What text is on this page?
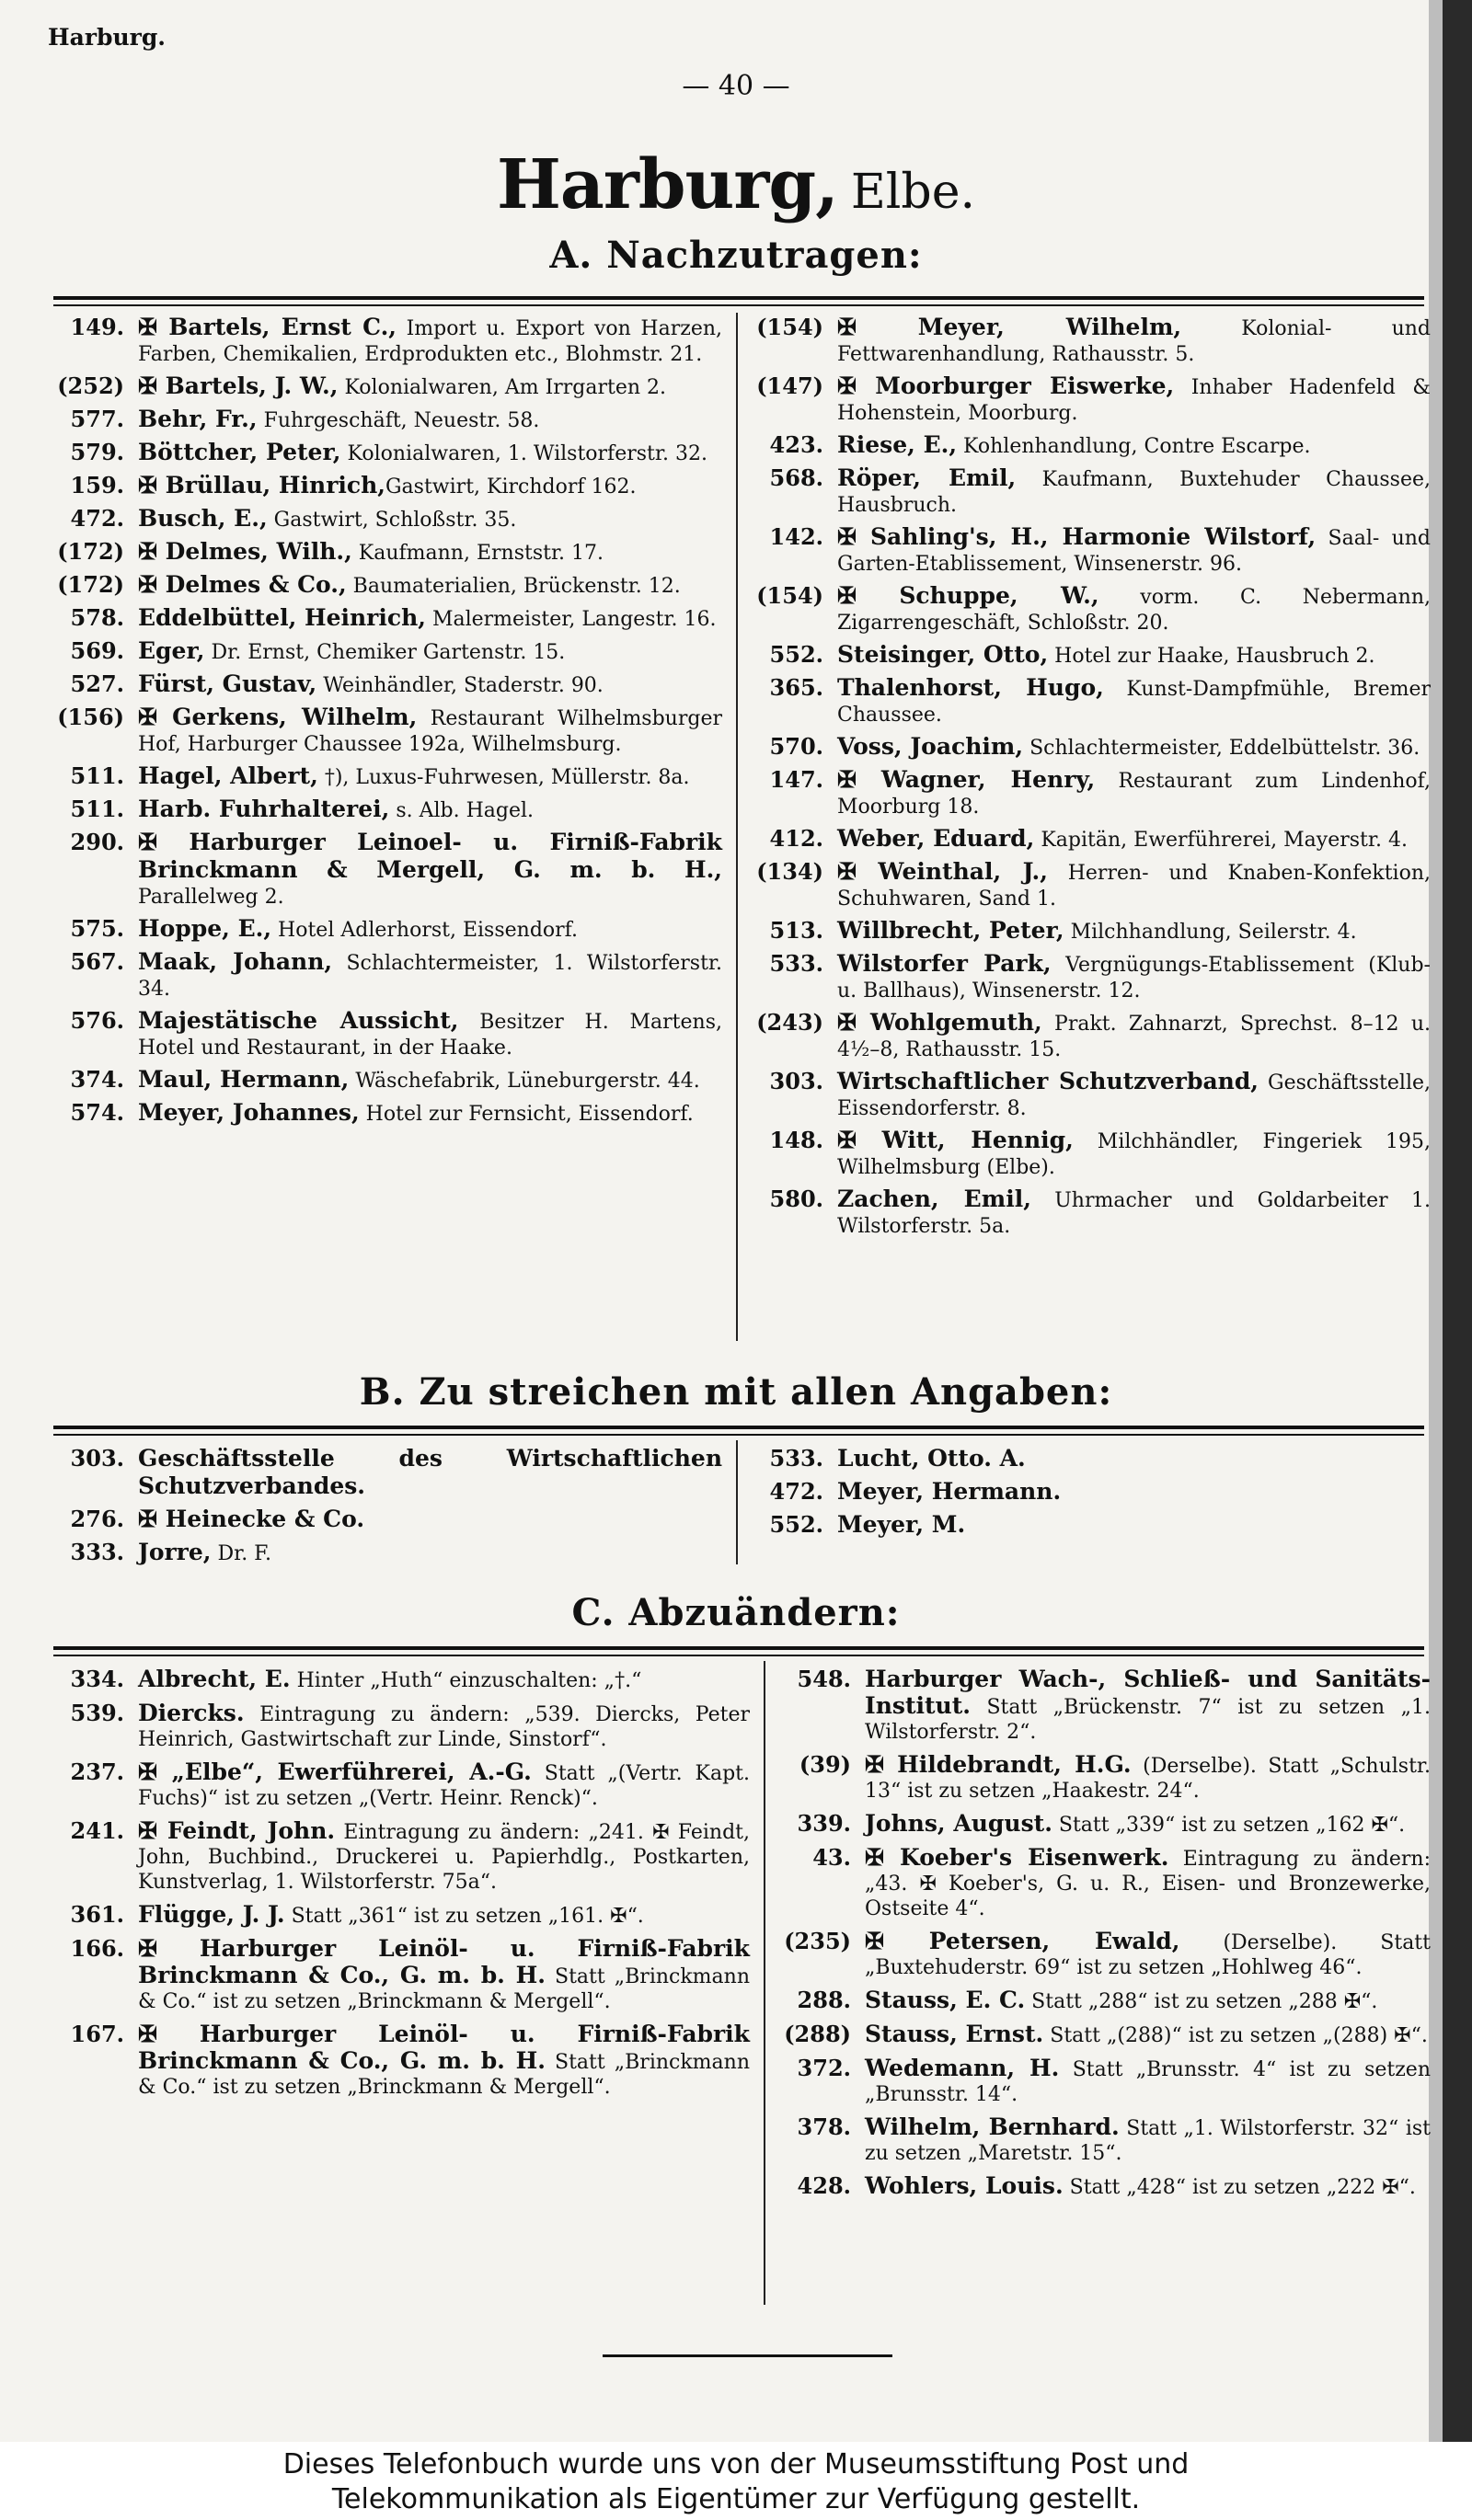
Harburg.
— 40 —
Harburg, Elbe.
A. Nachzutragen:
149. ✠ Bartels, Ernst C., Import u. Export von Harzen, Farben, Chemikalien, Erdprodukten etc., Blohmstr. 21.
(252) ✠ Bartels, J. W., Kolonialwaren, Am Irrgarten 2.
577. Behr, Fr., Fuhrgeschäft, Neuestr. 58.
579. Böttcher, Peter, Kolonialwaren, 1. Wilstorferstr. 32.
159. ✠ Brüllau, Hinrich,Gastwirt, Kirchdorf 162.
472. Busch, E., Gastwirt, Schloßstr. 35.
(172) ✠ Delmes, Wilh., Kaufmann, Ernststr. 17.
(172) ✠ Delmes & Co., Baumaterialien, Brückenstr. 12.
578. Eddelbüttel, Heinrich, Malermeister, Langestr. 16.
569. Eger, Dr. Ernst, Chemiker Gartenstr. 15.
527. Fürst, Gustav, Weinhändler, Staderstr. 90.
(156) ✠ Gerkens, Wilhelm, Restaurant Wilhelmsburger Hof, Harburger Chaussee 192a, Wilhelmsburg.
511. Hagel, Albert, †), Luxus-Fuhrwesen, Müllerstr. 8a.
511. Harb. Fuhrhalterei, s. Alb. Hagel.
290. ✠ Harburger Leinoel- u. Firniß-Fabrik Brinckmann & Mergell, G. m. b. H., Parallelweg 2.
575. Hoppe, E., Hotel Adlerhorst, Eissendorf.
567. Maak, Johann, Schlachtermeister, 1. Wilstorferstr. 34.
576. Majestätische Aussicht, Besitzer H. Martens, Hotel und Restaurant, in der Haake.
374. Maul, Hermann, Wäschefabrik, Lüneburgerstr. 44.
574. Meyer, Johannes, Hotel zur Fernsicht, Eissendorf.
(154) ✠ Meyer, Wilhelm, Kolonial- und Fettwarenhandlung, Rathausstr. 5.
(147) ✠ Moorburger Eiswerke, Inhaber Hadenfeld & Hohenstein, Moorburg.
423. Riese, E., Kohlenhandlung, Contre Escarpe.
568. Röper, Emil, Kaufmann, Buxtehuder Chaussee, Hausbruch.
142. ✠ Sahling's, H., Harmonie Wilstorf, Saal- und Garten-Etablissement, Winsenerstr. 96.
(154) ✠ Schuppe, W., vorm. C. Nebermann, Zigarrengeschäft, Schloßstr. 20.
552. Steisinger, Otto, Hotel zur Haake, Hausbruch 2.
365. Thalenhorst, Hugo, Kunst-Dampfmühle, Bremer Chaussee.
570. Voss, Joachim, Schlachtermeister, Eddelbüttelstr. 36.
147. ✠ Wagner, Henry, Restaurant zum Lindenhof, Moorburg 18.
412. Weber, Eduard, Kapitän, Ewerführerei, Mayerstr. 4.
(134) ✠ Weinthal, J., Herren- und Knaben-Konfektion, Schuhwaren, Sand 1.
513. Willbrecht, Peter, Milchhandlung, Seilerstr. 4.
533. Wilstorfer Park, Vergnügungs-Etablissement (Klub- u. Ballhaus), Winsenerstr. 12.
(243) ✠ Wohlgemuth, Prakt. Zahnarzt, Sprechst. 8–12 u. 4½–8, Rathausstr. 15.
303. Wirtschaftlicher Schutzverband, Geschäftsstelle, Eissendorferstr. 8.
148. ✠ Witt, Hennig, Milchhändler, Fingeriek 195, Wilhelmsburg (Elbe).
580. Zachen, Emil, Uhrmacher und Goldarbeiter 1. Wilstorferstr. 5a.
B. Zu streichen mit allen Angaben:
303. Geschäftsstelle des Wirtschaftlichen Schutzverbandes.
276. ✠ Heinecke & Co.
333. Jorre, Dr. F.
533. Lucht, Otto. A.
472. Meyer, Hermann.
552. Meyer, M.
C. Abzuändern:
334. Albrecht, E. Hinter „Huth“ einzuschalten: „†.“
539. Diercks. Eintragung zu ändern: „539. Diercks, Peter Heinrich, Gastwirtschaft zur Linde, Sinstorf“.
237. ✠ „Elbe“, Ewerführerei, A.-G. Statt „(Vertr. Kapt. Fuchs)“ ist zu setzen „(Vertr. Heinr. Renck)“.
241. ✠ Feindt, John. Eintragung zu ändern: „241. ✠ Feindt, John, Buchbind., Druckerei u. Papierhdlg., Postkarten, Kunstverlag, 1. Wilstorferstr. 75a“.
361. Flügge, J. J. Statt „361“ ist zu setzen „161. ✠“.
166. ✠ Harburger Leinöl- u. Firniß-Fabrik Brinckmann & Co., G. m. b. H. Statt „Brinckmann & Co.“ ist zu setzen „Brinckmann & Mergell“.
167. ✠ Harburger Leinöl- u. Firniß-Fabrik Brinckmann & Co., G. m. b. H. Statt „Brinckmann & Co.“ ist zu setzen „Brinckmann & Mergell“.
548. Harburger Wach-, Schließ- und Sanitäts-Institut. Statt „Brückenstr. 7“ ist zu setzen „1. Wilstorferstr. 2“.
(39) ✠ Hildebrandt, H.G. (Derselbe). Statt „Schulstr. 13“ ist zu setzen „Haakestr. 24“.
339. Johns, August. Statt „339“ ist zu setzen „162 ✠“.
43. ✠ Koeber's Eisenwerk. Eintragung zu ändern: „43. ✠ Koeber's, G. u. R., Eisen- und Bronzewerke, Ostseite 4“.
(235) ✠ Petersen, Ewald, (Derselbe). Statt „Buxtehuderstr. 69“ ist zu setzen „Hohlweg 46“.
288. Stauss, E. C. Statt „288“ ist zu setzen „288 ✠“.
(288) Stauss, Ernst. Statt „(288)“ ist zu setzen „(288) ✠“.
372. Wedemann, H. Statt „Brunsstr. 4“ ist zu setzen „Brunsstr. 14“.
378. Wilhelm, Bernhard. Statt „1. Wilstorferstr. 32“ ist zu setzen „Maretstr. 15“.
428. Wohlers, Louis. Statt „428“ ist zu setzen „222 ✠“.
Dieses Telefonbuch wurde uns von der Museumsstiftung Post und
Telekommunikation als Eigentümer zur Verfügung gestellt.
